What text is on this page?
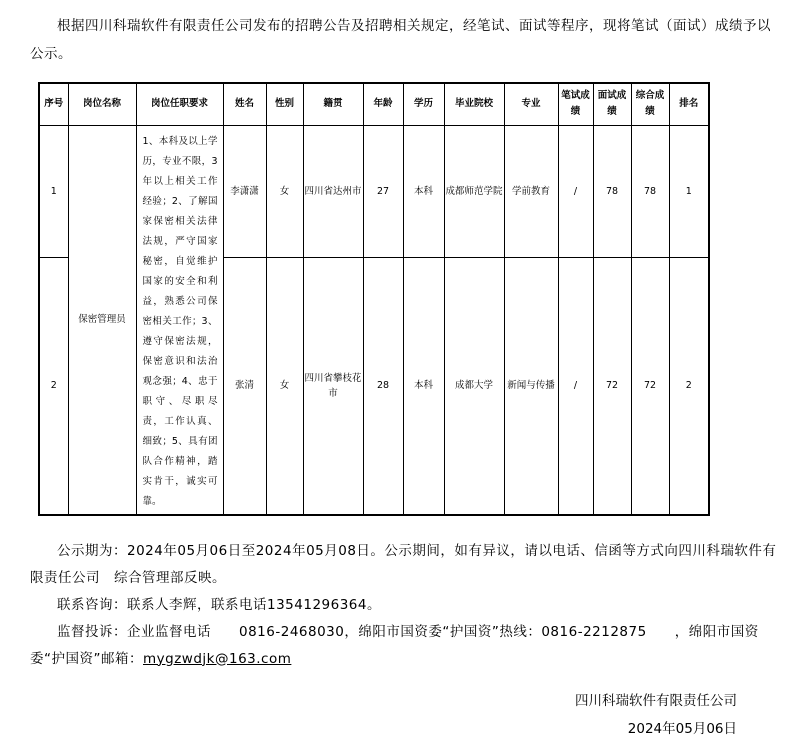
根据四川科瑞软件有限责任公司发布的招聘公告及招聘相关规定，经笔试、面试等程序，现将笔试（面试）成绩予以公示。

序号	岗位名称	岗位任职要求	姓名	性别	籍贯	年龄	学历	毕业院校	专业	笔试成绩	面试成绩	综合成绩	排名
1	保密管理员	1、本科及以上学历，专业不限，3年以上相关工作经验；2、了解国家保密相关法律法规，严守国家秘密，自觉维护国家的安全和利益，熟悉公司保密相关工作；3、遵守保密法规，保密意识和法治观念强；4、忠于职守、尽职尽责，工作认真、细致；5、具有团队合作精神，踏实肯干，诚实可靠。	李潇潇	女	四川省达州市	27	本科	成都师范学院	学前教育	/	78	78	1
2			张清	女	四川省攀枝花市	28	本科	成都大学	新闻与传播	/	72	72	2

公示期为：2024年05月06日至2024年05月08日。公示期间，如有异议，请以电话、信函等方式向四川科瑞软件有限责任公司　综合管理部反映。

联系咨询：联系人李辉，联系电话13541296364。

监督投诉：企业监督电话　　0816-2468030，绵阳市国资委“护国资”热线：0816-2212875　　，绵阳市国资委“护国资”邮箱：mygzwdjk@163.com

四川科瑞软件有限责任公司
2024年05月06日
